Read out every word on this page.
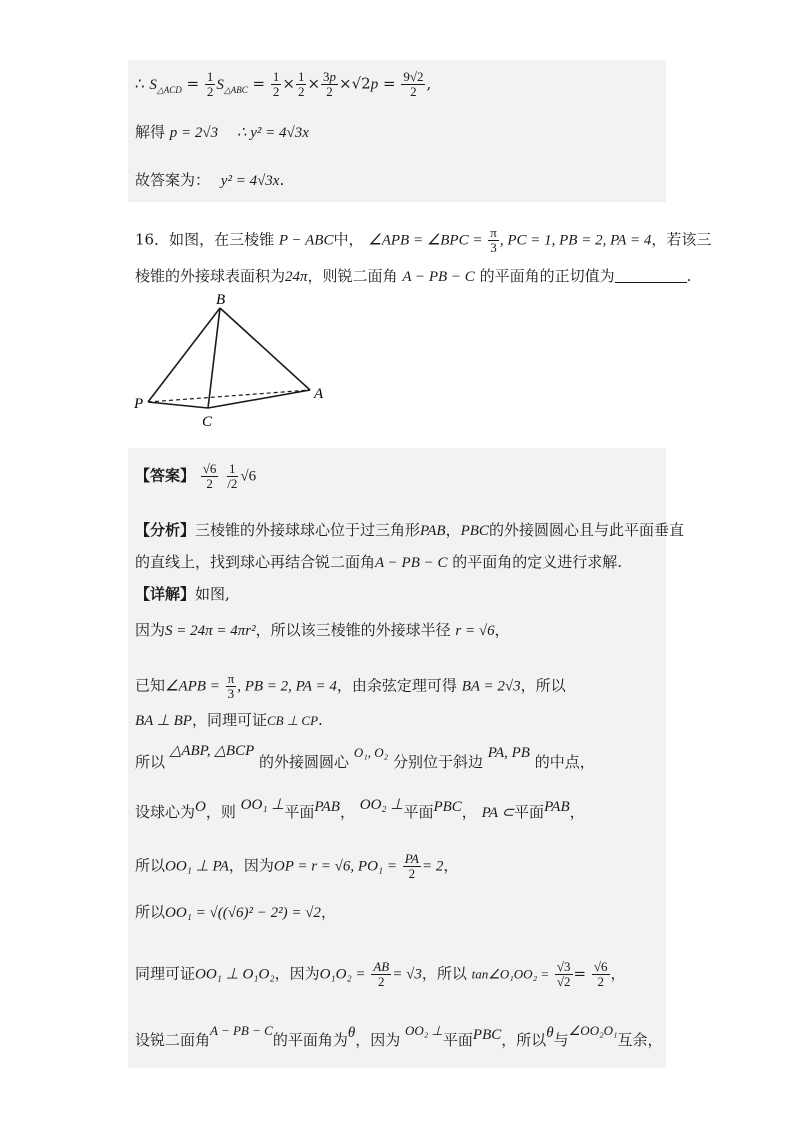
∴ $S_{\triangle ACD} = \frac{1}{2} S_{\triangle ABC} = \frac{1}{2} \times \frac{1}{2} \times \frac{3p}{2} \times√2p = \frac{9√2}{2}$ ,
解得 p = 2√3 ∴ y² = 4√3x
故答案为： y² = 4√3x.
16．如图，在三棱锥 P − ABC中， ∠APB = ∠BPC = $\frac{\pi}{3}$ , PC = 1, PB = 2, PA = 4，若该三
棱锥的外接球表面积为24π，则锐二面角 A − PB − C 的平面角的正切值为	.
B
P
C
A
【答案】 $\frac{√6}{2}$
$\frac{1}{/2} √6$
【分析】三棱锥的外接球球心位于过三角形PAB，PBC的外接圆圆心且与此平面垂直
的直线上，找到球心再结合锐二面角A − PB − C 的平面角的定义进行求解.
【详解】如图,
因为S = 24π = 4πr²，所以该三棱锥的外接球半径 r = √6，
已知∠APB = $\frac{\pi}{3}$ , PB = 2, PA = 4，由余弦定理可得 BA = 2√3，所以
BA ⊥ BP，同理可证CB ⊥ CP.
所以 △ABP, △BCP 的外接圆圆心 O₁, O₂ 分别位于斜边 PA, PB 的中点，
设球心为O，则 OO₁ ⊥平面PAB， OO₂ ⊥平面PBC， PA ⊂平面PAB，
所以OO₁ ⊥ PA，因为OP = r = √6, $PO_1 = \frac{PA}{2} = 2$，
所以OO₁ = √((√6)² − 2²) = √2，
同理可证OO₁ ⊥ O₁O₂，因为$O_1O_2 = \frac{AB}{2} = √3$，所以 tan∠O₁OO₂ = $\frac{√3}{√2} = \frac{√6}{2}$ ，
设锐二面角A − PB − C的平面角为θ，因为 OO₂ ⊥平面PBC，所以θ与∠OO₂O₁互余，
